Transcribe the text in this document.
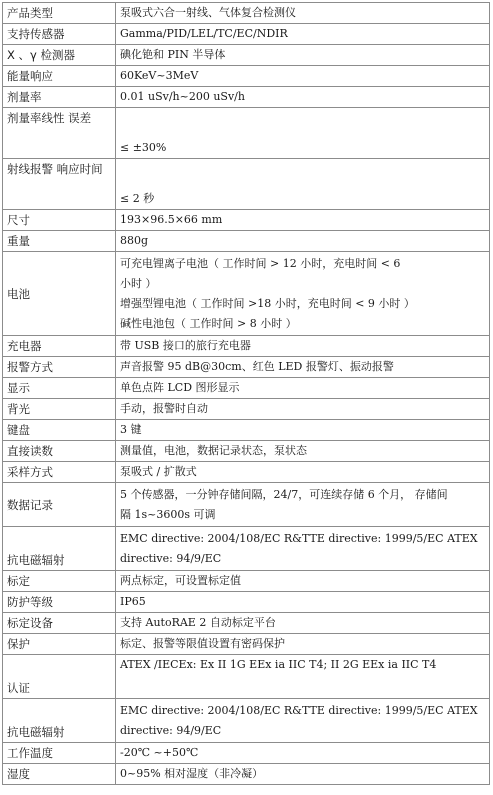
产品类型	泵吸式六合一射线、气体复合检测仪

支持传感器	Gamma/PID/LEL/TC/EC/NDIR

Χ 、γ 检测器	碘化铯和 PIN 半导体

能量响应	60KeV~3MeV

剂量率	0.01 uSv/h~200 uSv/h

剂量率线性 误差	≤ ±30%

射线报警 响应时间	≤ 2 秒

尺寸	193×96.5×66 mm

重量	880g

电池	可充电锂离子电池（ 工作时间 > 12 小时，充电时间 < 6
小时 ）
增强型锂电池（ 工作时间 >18 小时，充电时间 < 9 小时 ）
碱性电池包（ 工作时间 > 8 小时 ）

充电器	带 USB 接口的旅行充电器

报警方式	声音报警 95 dB@30cm、红色 LED 报警灯、振动报警

显示	单色点阵 LCD 图形显示

背光	手动，报警时自动

键盘	3 键

直接读数	测量值，电池，数据记录状态，泵状态

采样方式	泵吸式 / 扩散式

数据记录	5 个传感器，一分钟存储间隔，24/7，可连续存储 6 个月， 存储间
隔 1s~3600s 可调

抗电磁辐射	EMC directive: 2004/108/EC R&TTE directive: 1999/5/EC ATEX
directive: 94/9/EC

标定	两点标定，可设置标定值

防护等级	IP65

标定设备	支持 AutoRAE 2 自动标定平台

保护	标定、报警等限值设置有密码保护

认证	ATEX /IECEx: Ex II 1G EEx ia IIC T4; II 2G EEx ia IIC T4

抗电磁辐射	EMC directive: 2004/108/EC R&TTE directive: 1999/5/EC ATEX
directive: 94/9/EC

工作温度	-20℃ ~+50℃

湿度	0~95% 相对湿度（非冷凝）
